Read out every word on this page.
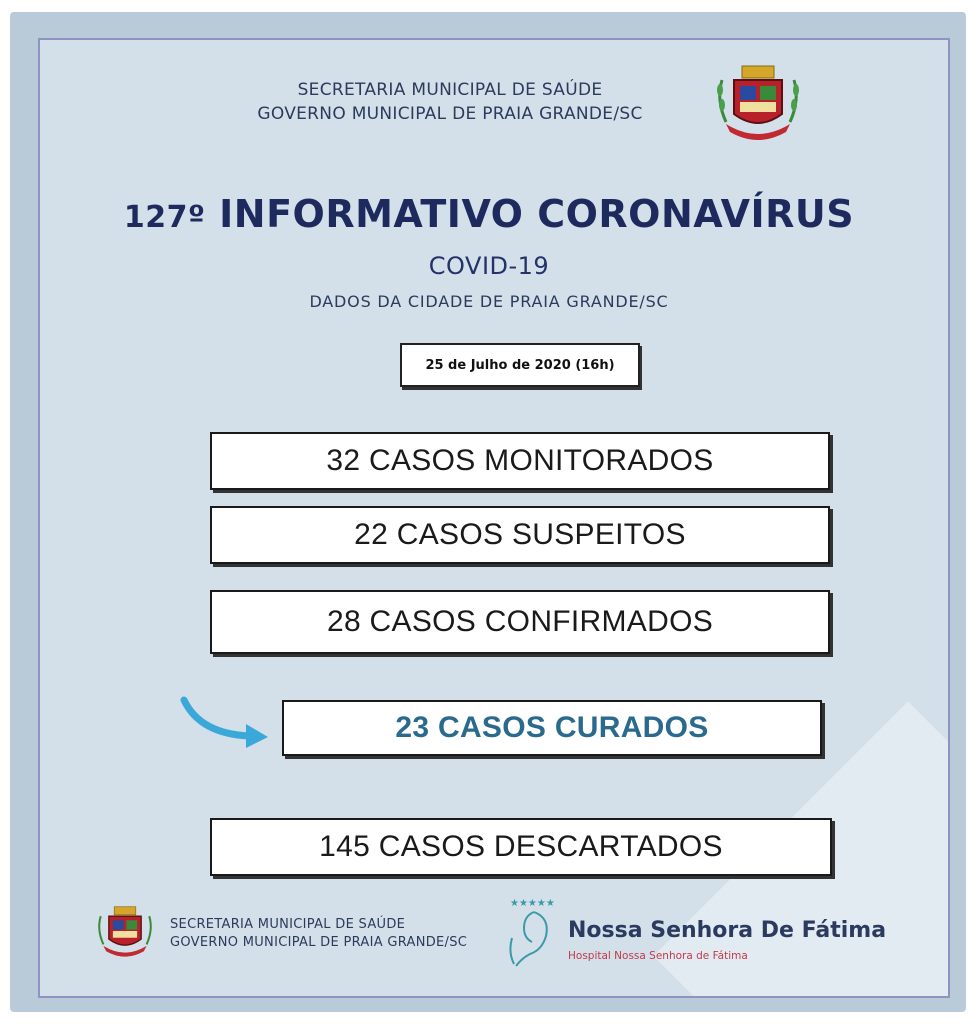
SECRETARIA MUNICIPAL DE SAÚDE
GOVERNO MUNICIPAL DE PRAIA GRANDE/SC
127º INFORMATIVO CORONAVÍRUS
COVID-19
DADOS DA CIDADE DE PRAIA GRANDE/SC
25 de Julho de 2020 (16h)
32 CASOS MONITORADOS
22 CASOS SUSPEITOS
28 CASOS CONFIRMADOS
23 CASOS CURADOS
145 CASOS DESCARTADOS
SECRETARIA MUNICIPAL DE SAÚDE
GOVERNO MUNICIPAL DE PRAIA GRANDE/SC
★★★★★
Nossa Senhora De Fátima
Hospital Nossa Senhora de Fátima
